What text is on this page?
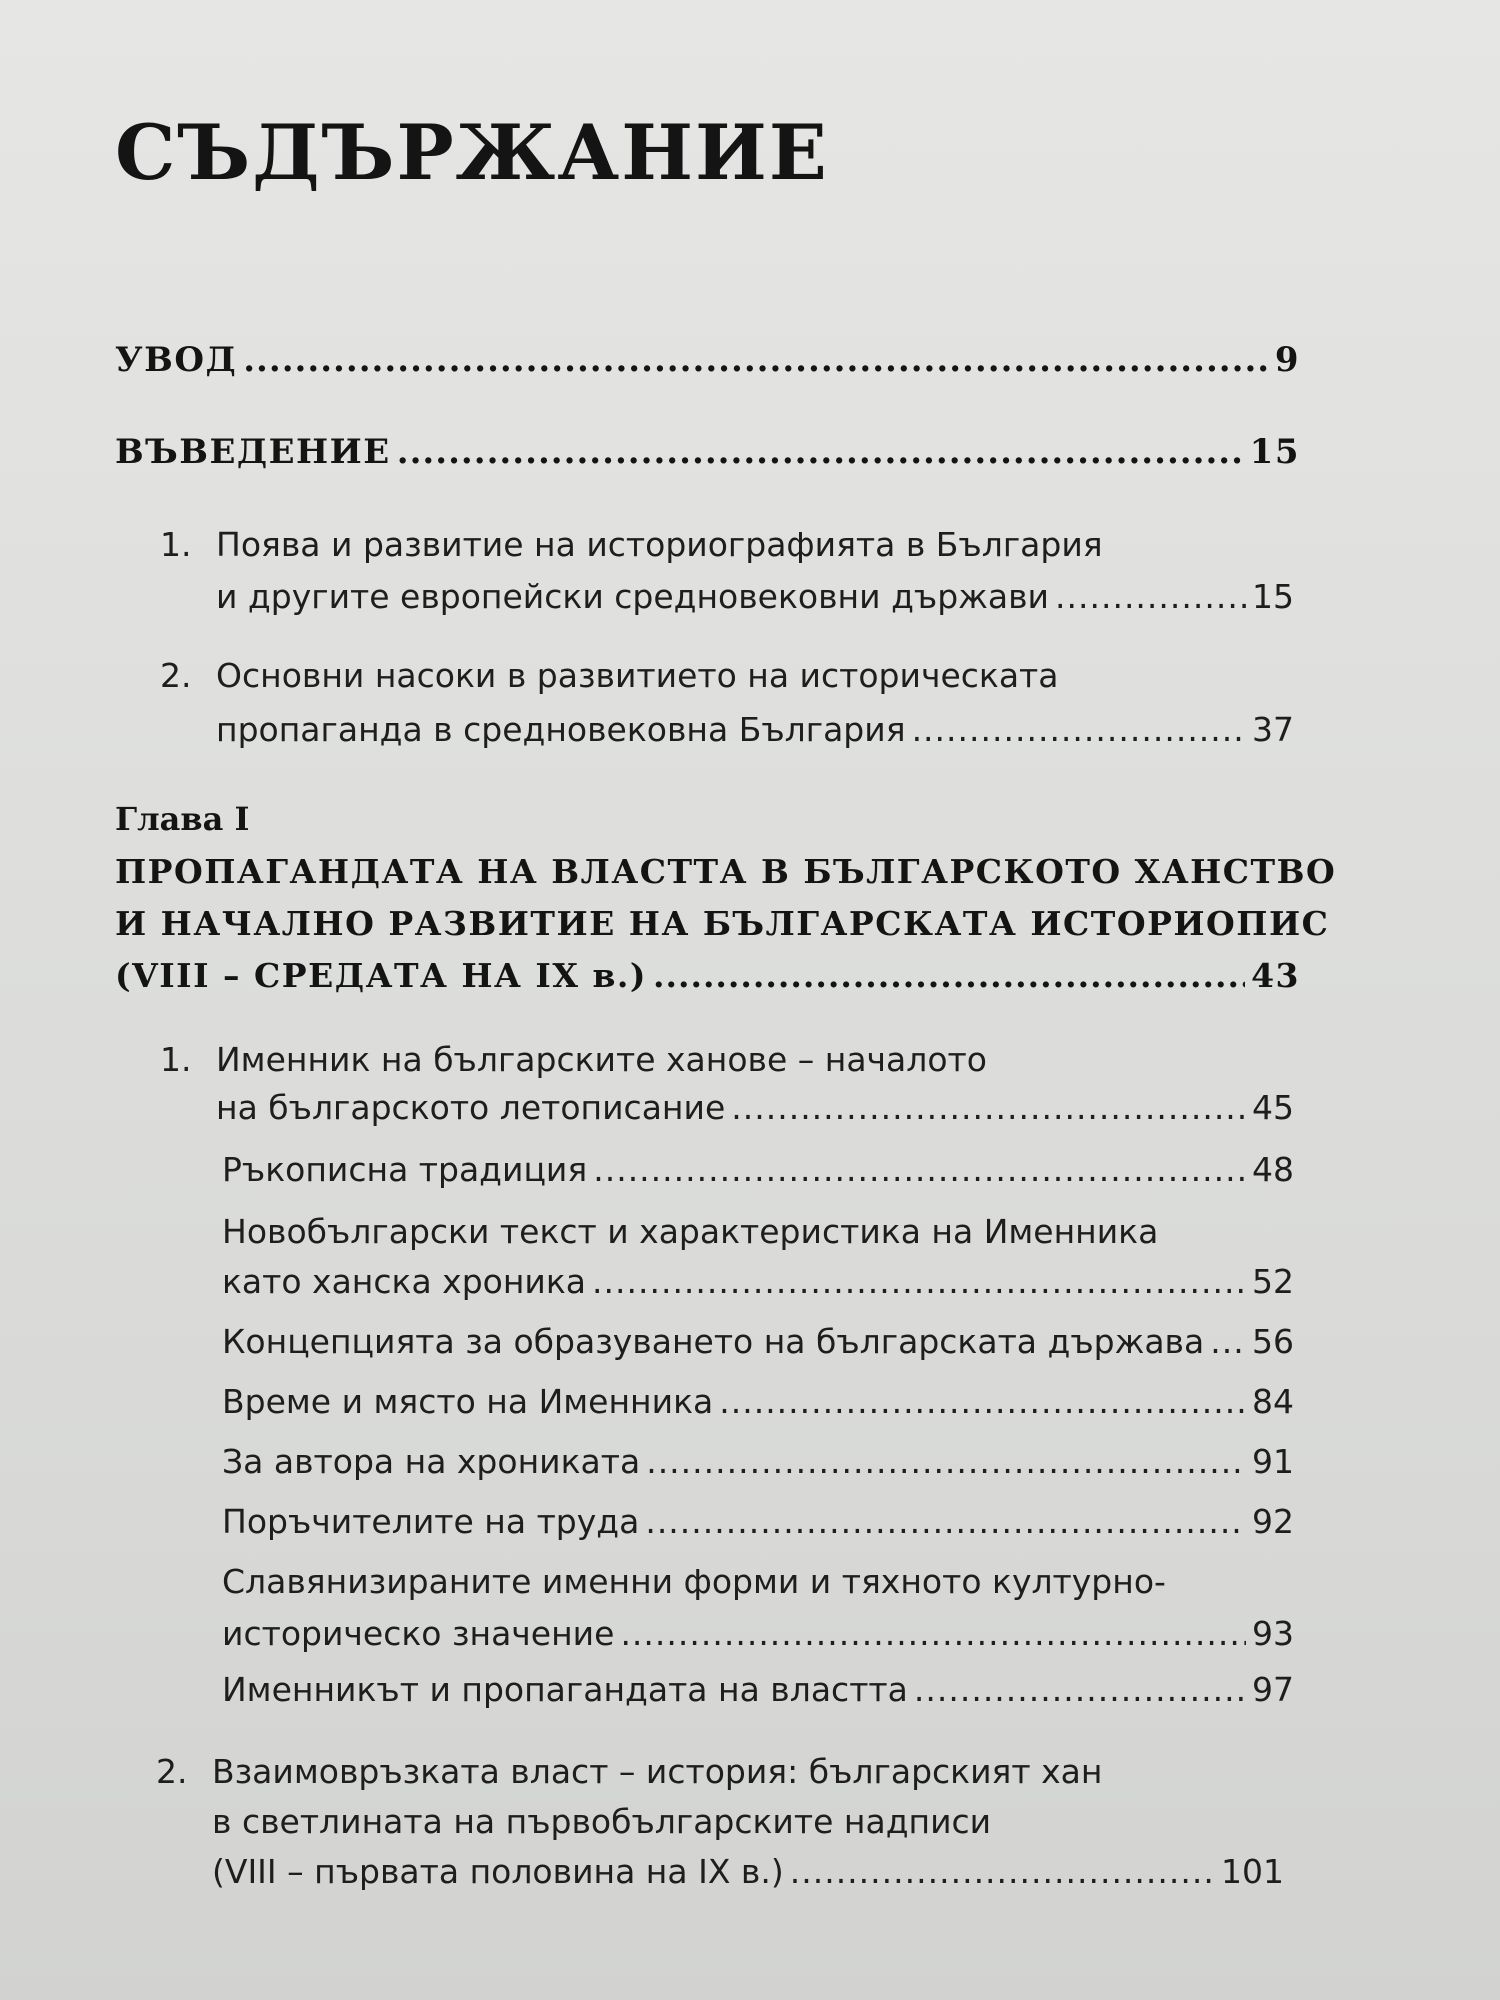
СЪДЪРЖАНИЕ
УВОД .....	9
ВЪВЕДЕНИЕ .....	15
1. Поява и развитие на историографията в България
и другите европейски средновековни държави .....	15
2. Основни насоки в развитието на историческата
пропаганда в средновековна България .....	37
Глава I
ПРОПАГАНДАТА НА ВЛАСТТА В БЪЛГАРСКОТО ХАНСТВО
И НАЧАЛНО РАЗВИТИЕ НА БЪЛГАРСКАТА ИСТОРИОПИС
(VIII – СРЕДАТА НА IX в.) .....	43
1. Именник на българските ханове – началото
на българското летописание .....	45
Ръкописна традиция .....	48
Новобългарски текст и характеристика на Именника
като ханска хроника .....	52
Концепцията за образуването на българската държава ..... 56
Време и място на Именника .....	84
За автора на хрониката .....	91
Поръчителите на труда .....	92
Славянизираните именни форми и тяхното културно-
историческо значение .....	93
Именникът и пропагандата на властта .....	97
2. Взаимовръзката власт – история: българският хан
в светлината на първобългарските надписи
(VIII – първата половина на IX в.) .....	101
